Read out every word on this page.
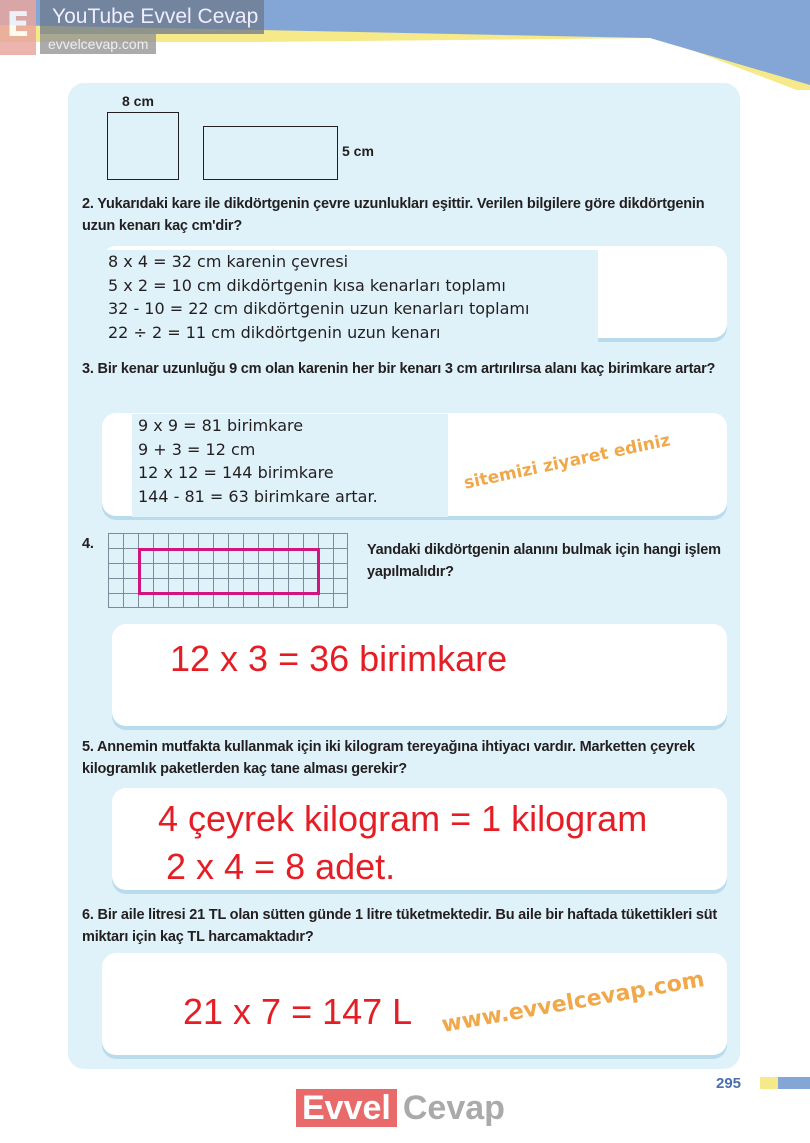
E	YouTube Evvel Cevap
evvelcevap.com
8 cm
5 cm
2. Yukarıdaki kare ile dikdörtgenin çevre uzunlukları eşittir. Verilen bilgilere göre dikdörtgenin uzun kenarı kaç cm'dir?
8 x 4 = 32 cm karenin çevresi
5 x 2 = 10 cm dikdörtgenin kısa kenarları toplamı
32 - 10 = 22 cm dikdörtgenin uzun kenarları toplamı
22 ÷ 2 = 11 cm dikdörtgenin uzun kenarı
3. Bir kenar uzunluğu 9 cm olan karenin her bir kenarı 3 cm artırılırsa alanı kaç birimkare artar?
9 x 9 = 81 birimkare
9 + 3 = 12 cm
12 x 12 = 144 birimkare
144 - 81 = 63 birimkare artar.
sitemizi ziyaret ediniz
4.	Yandaki dikdörtgenin alanını bulmak için hangi işlem yapılmalıdır?
12 x 3 = 36 birimkare
5. Annemin mutfakta kullanmak için iki kilogram tereyağına ihtiyacı vardır. Marketten çeyrek kilogramlık paketlerden kaç tane alması gerekir?
4 çeyrek kilogram = 1 kilogram
2 x 4 = 8 adet.
6. Bir aile litresi 21 TL olan sütten günde 1 litre tüketmektedir. Bu aile bir haftada tükettikleri süt miktarı için kaç TL harcamaktadır?
21 x 7 = 147 L www.evvelcevap.com
Evvel Cevap
295
